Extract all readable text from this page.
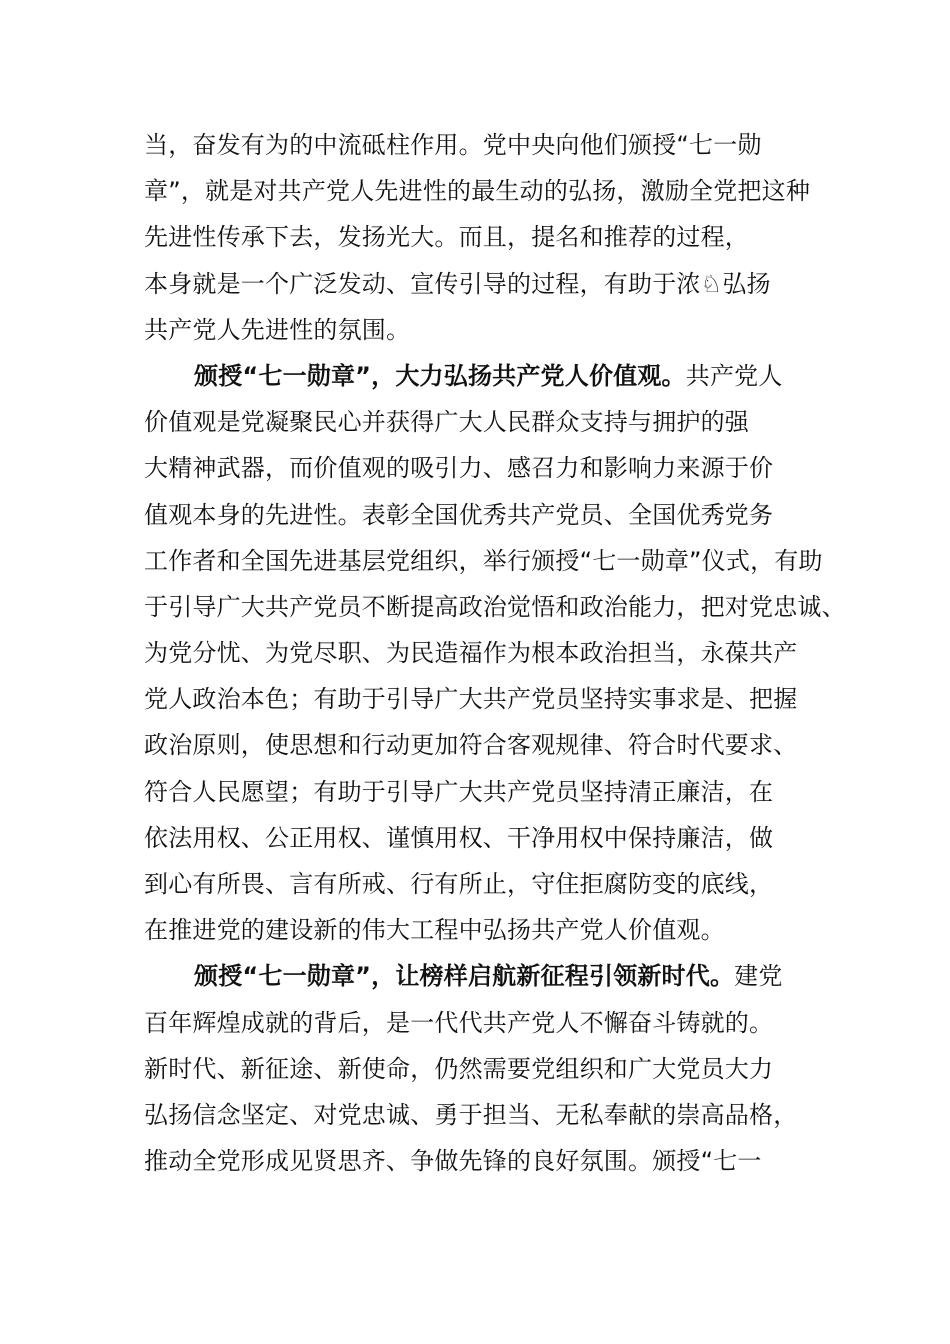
当，奋发有为的中流砥柱作用。党中央向他们颁授“七一勋
章”，就是对共产党人先进性的最生动的弘扬，激励全党把这种
先进性传承下去，发扬光大。而且，提名和推荐的过程，
本身就是一个广泛发动、宣传引导的过程，有助于浓♘弘扬
共产党人先进性的氛围。
颁授“七一勋章”，大力弘扬共产党人价值观。共产党人
价值观是党凝聚民心并获得广大人民群众支持与拥护的强
大精神武器，而价值观的吸引力、感召力和影响力来源于价
值观本身的先进性。表彰全国优秀共产党员、全国优秀党务
工作者和全国先进基层党组织，举行颁授“七一勋章”仪式，有助
于引导广大共产党员不断提高政治觉悟和政治能力，把对党忠诚、
为党分忧、为党尽职、为民造福作为根本政治担当，永葆共产
党人政治本色；有助于引导广大共产党员坚持实事求是、把握
政治原则，使思想和行动更加符合客观规律、符合时代要求、
符合人民愿望；有助于引导广大共产党员坚持清正廉洁，在
依法用权、公正用权、谨慎用权、干净用权中保持廉洁，做
到心有所畏、言有所戒、行有所止，守住拒腐防变的底线，
在推进党的建设新的伟大工程中弘扬共产党人价值观。
颁授“七一勋章”，让榜样启航新征程引领新时代。建党
百年辉煌成就的背后，是一代代共产党人不懈奋斗铸就的。
新时代、新征途、新使命，仍然需要党组织和广大党员大力
弘扬信念坚定、对党忠诚、勇于担当、无私奉献的崇高品格，
推动全党形成见贤思齐、争做先锋的良好氛围。颁授“七一
